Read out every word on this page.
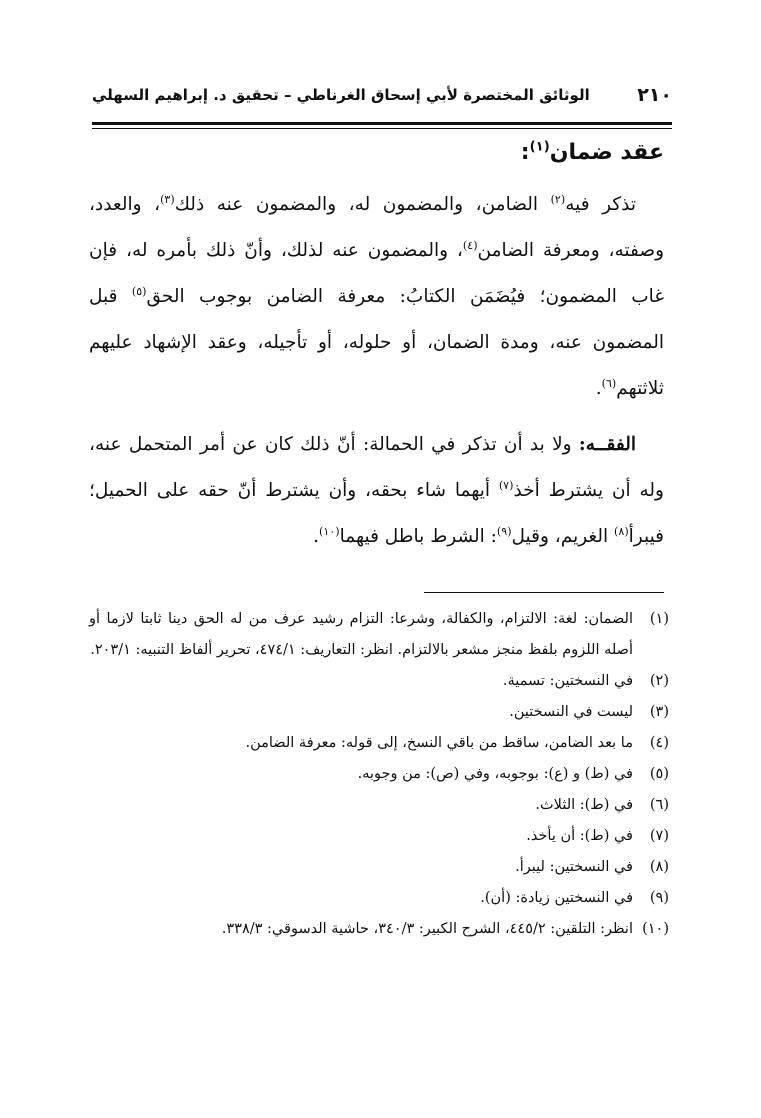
٢١٠
الوثائق المختصرة لأبي إسحاق الغرناطي – تحقيق د. إبراهيم السهلي
عقد ضمان$^{(١)}$:

تذكر فيه$^{(٢)}$ الضامن، والمضمون له، والمضمون عنه ذلك$^{(٣)}$، والعدد، وصفته، ومعرفة الضامن$^{(٤)}$، والمضمون عنه لذلك، وأنّ ذلك بأمره له، فإن غاب المضمون؛ فيُضَمَن الكتابُ: معرفة الضامن بوجوب الحق$^{(٥)}$ قبل المضمون عنه، ومدة الضمان، أو حلوله، أو تأجيله، وعقد الإشهاد عليهم ثلاثتهم$^{(٦)}$.

الفقــه: ولا بد أن تذكر في الحمالة: أنّ ذلك كان عن أمر المتحمل عنه، وله أن يشترط أخذ$^{(٧)}$ أيهما شاء بحقه، وأن يشترط أنّ حقه على الحميل؛ فيبرأ$^{(٨)}$ الغريم، وقيل$^{(٩)}$: الشرط باطل فيهما$^{(١٠)}$.

(١)
الضمان: لغة: الالتزام، والكفالة، وشرعا: التزام رشيد عرف من له الحق دينا ثابتا لازما أو أصله اللزوم بلفظ منجز مشعر بالالتزام. انظر: التعاريف: ٤٧٤/١، تحرير ألفاظ التنبيه: ٢٠٣/١.
(٢)
في النسختين: تسمية.
(٣)
ليست في النسختين.
(٤)
ما بعد الضامن، ساقط من باقي النسخ، إلى قوله: معرفة الضامن.
(٥)
في (ط) و (ع): بوجوبه، وفي (ص): من وجوبه.
(٦)
في (ط): الثلاث.
(٧)
في (ط): أن يأخذ.
(٨)
في النسختين: ليبرأ.
(٩)
في النسختين زيادة: (أن).
(١٠)
انظر: التلقين: ٤٤٥/٢، الشرح الكبير: ٣٤٠/٣، حاشية الدسوقي: ٣٣٨/٣.
